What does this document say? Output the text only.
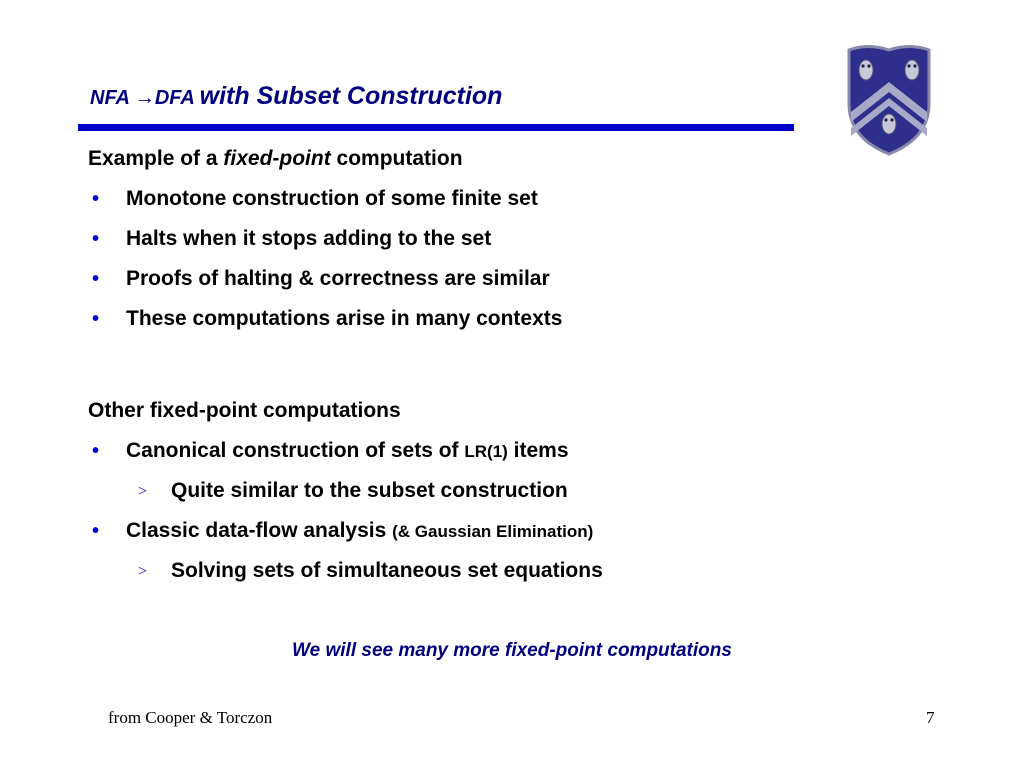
NFA →DFA with Subset Construction
Example of a fixed-point computation
• Monotone construction of some finite set
• Halts when it stops adding to the set
• Proofs of halting & correctness are similar
• These computations arise in many contexts
Other fixed-point computations
• Canonical construction of sets of LR(1) items
> Quite similar to the subset construction
• Classic data-flow analysis (& Gaussian Elimination)
> Solving sets of simultaneous set equations
We will see many more fixed-point computations
from Cooper & Torczon	7
